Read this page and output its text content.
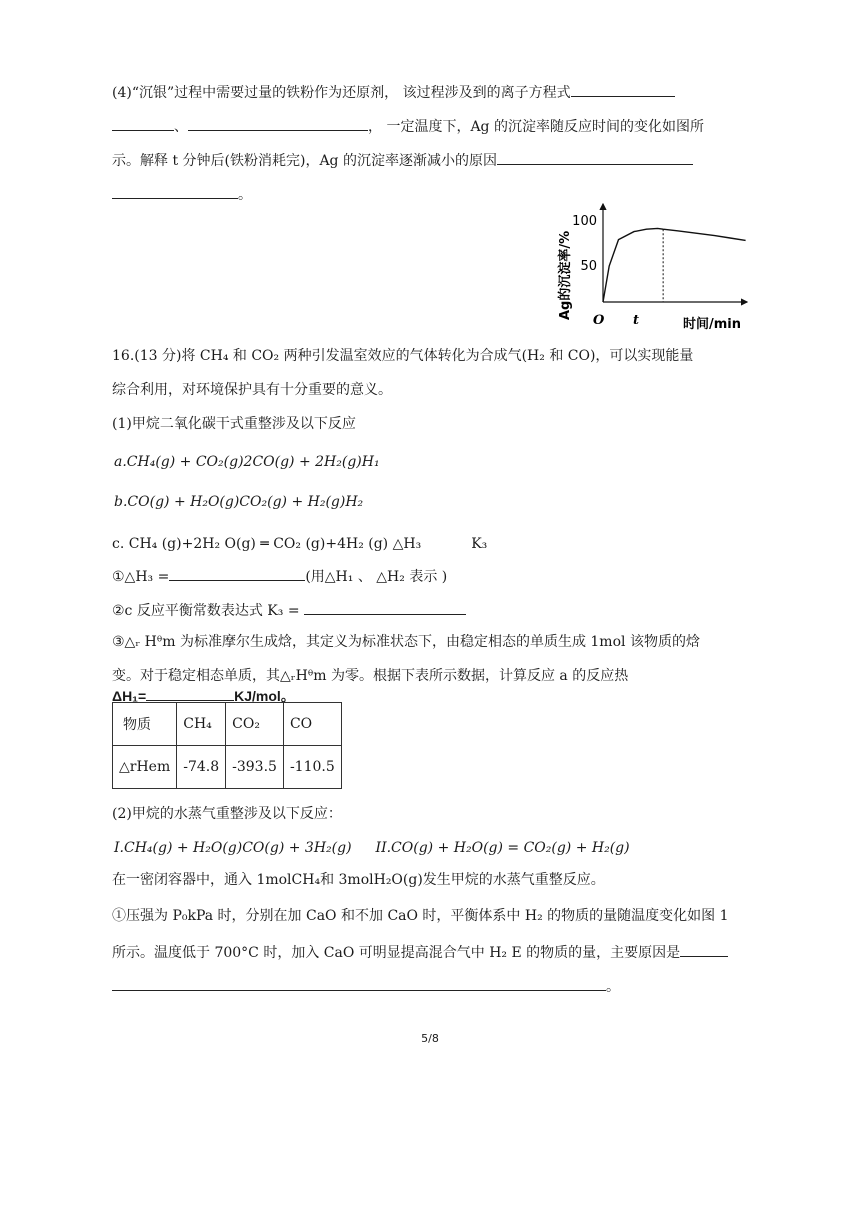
(4)“沉银”过程中需要过量的铁粉作为还原剂， 该过程涉及到的离子方程式
、	， 一定温度下，Ag 的沉淀率随反应时间的变化如图所
示。解释 t 分钟后(铁粉消耗完)，Ag 的沉淀率逐渐减小的原因
。
Ag的沉淀率/%
100
50
O t	时间/min
16.(13 分)将 CH₄ 和 CO₂ 两种引发温室效应的气体转化为合成气(H₂ 和 CO)，可以实现能量
综合利用，对环境保护具有十分重要的意义。
(1)甲烷二氧化碳干式重整涉及以下反应
a.CH₄(g) + CO₂(g)2CO(g) + 2H₂(g)H₁
b.CO(g) + H₂O(g)CO₂(g) + H₂(g)H₂
c. CH₄ (g)+2H₂ O(g) ═ CO₂ (g)+4H₂ (g) △H₃	K₃
①△H₃ =	(用△H₁ 、 △H₂ 表示 )
②c 反应平衡常数表达式 K₃ =
③△ᵣ Hᶿm 为标准摩尔生成焓，其定义为标准状态下，由稳定相态的单质生成 1mol 该物质的焓
变。对于稳定相态单质，其△ᵣHᶿm 为零。根据下表所示数据，计算反应 a 的反应热
ΔH₁=	KJ/mol。
物质	CH₄	CO₂	CO
△rHem	-74.8	-393.5	-110.5
(2)甲烷的水蒸气重整涉及以下反应：
I.CH₄(g) + H₂O(g)CO(g) + 3H₂(g) II.CO(g) + H₂O(g) = CO₂(g) + H₂(g)
在一密闭容器中，通入 1molCH₄和 3molH₂O(g)发生甲烷的水蒸气重整反应。
①压强为 P₀kPa 时，分别在加 CaO 和不加 CaO 时，平衡体系中 H₂ 的物质的量随温度变化如图 1
所示。温度低于 700°C 时，加入 CaO 可明显提高混合气中 H₂ E 的物质的量，主要原因是
。
5/8
